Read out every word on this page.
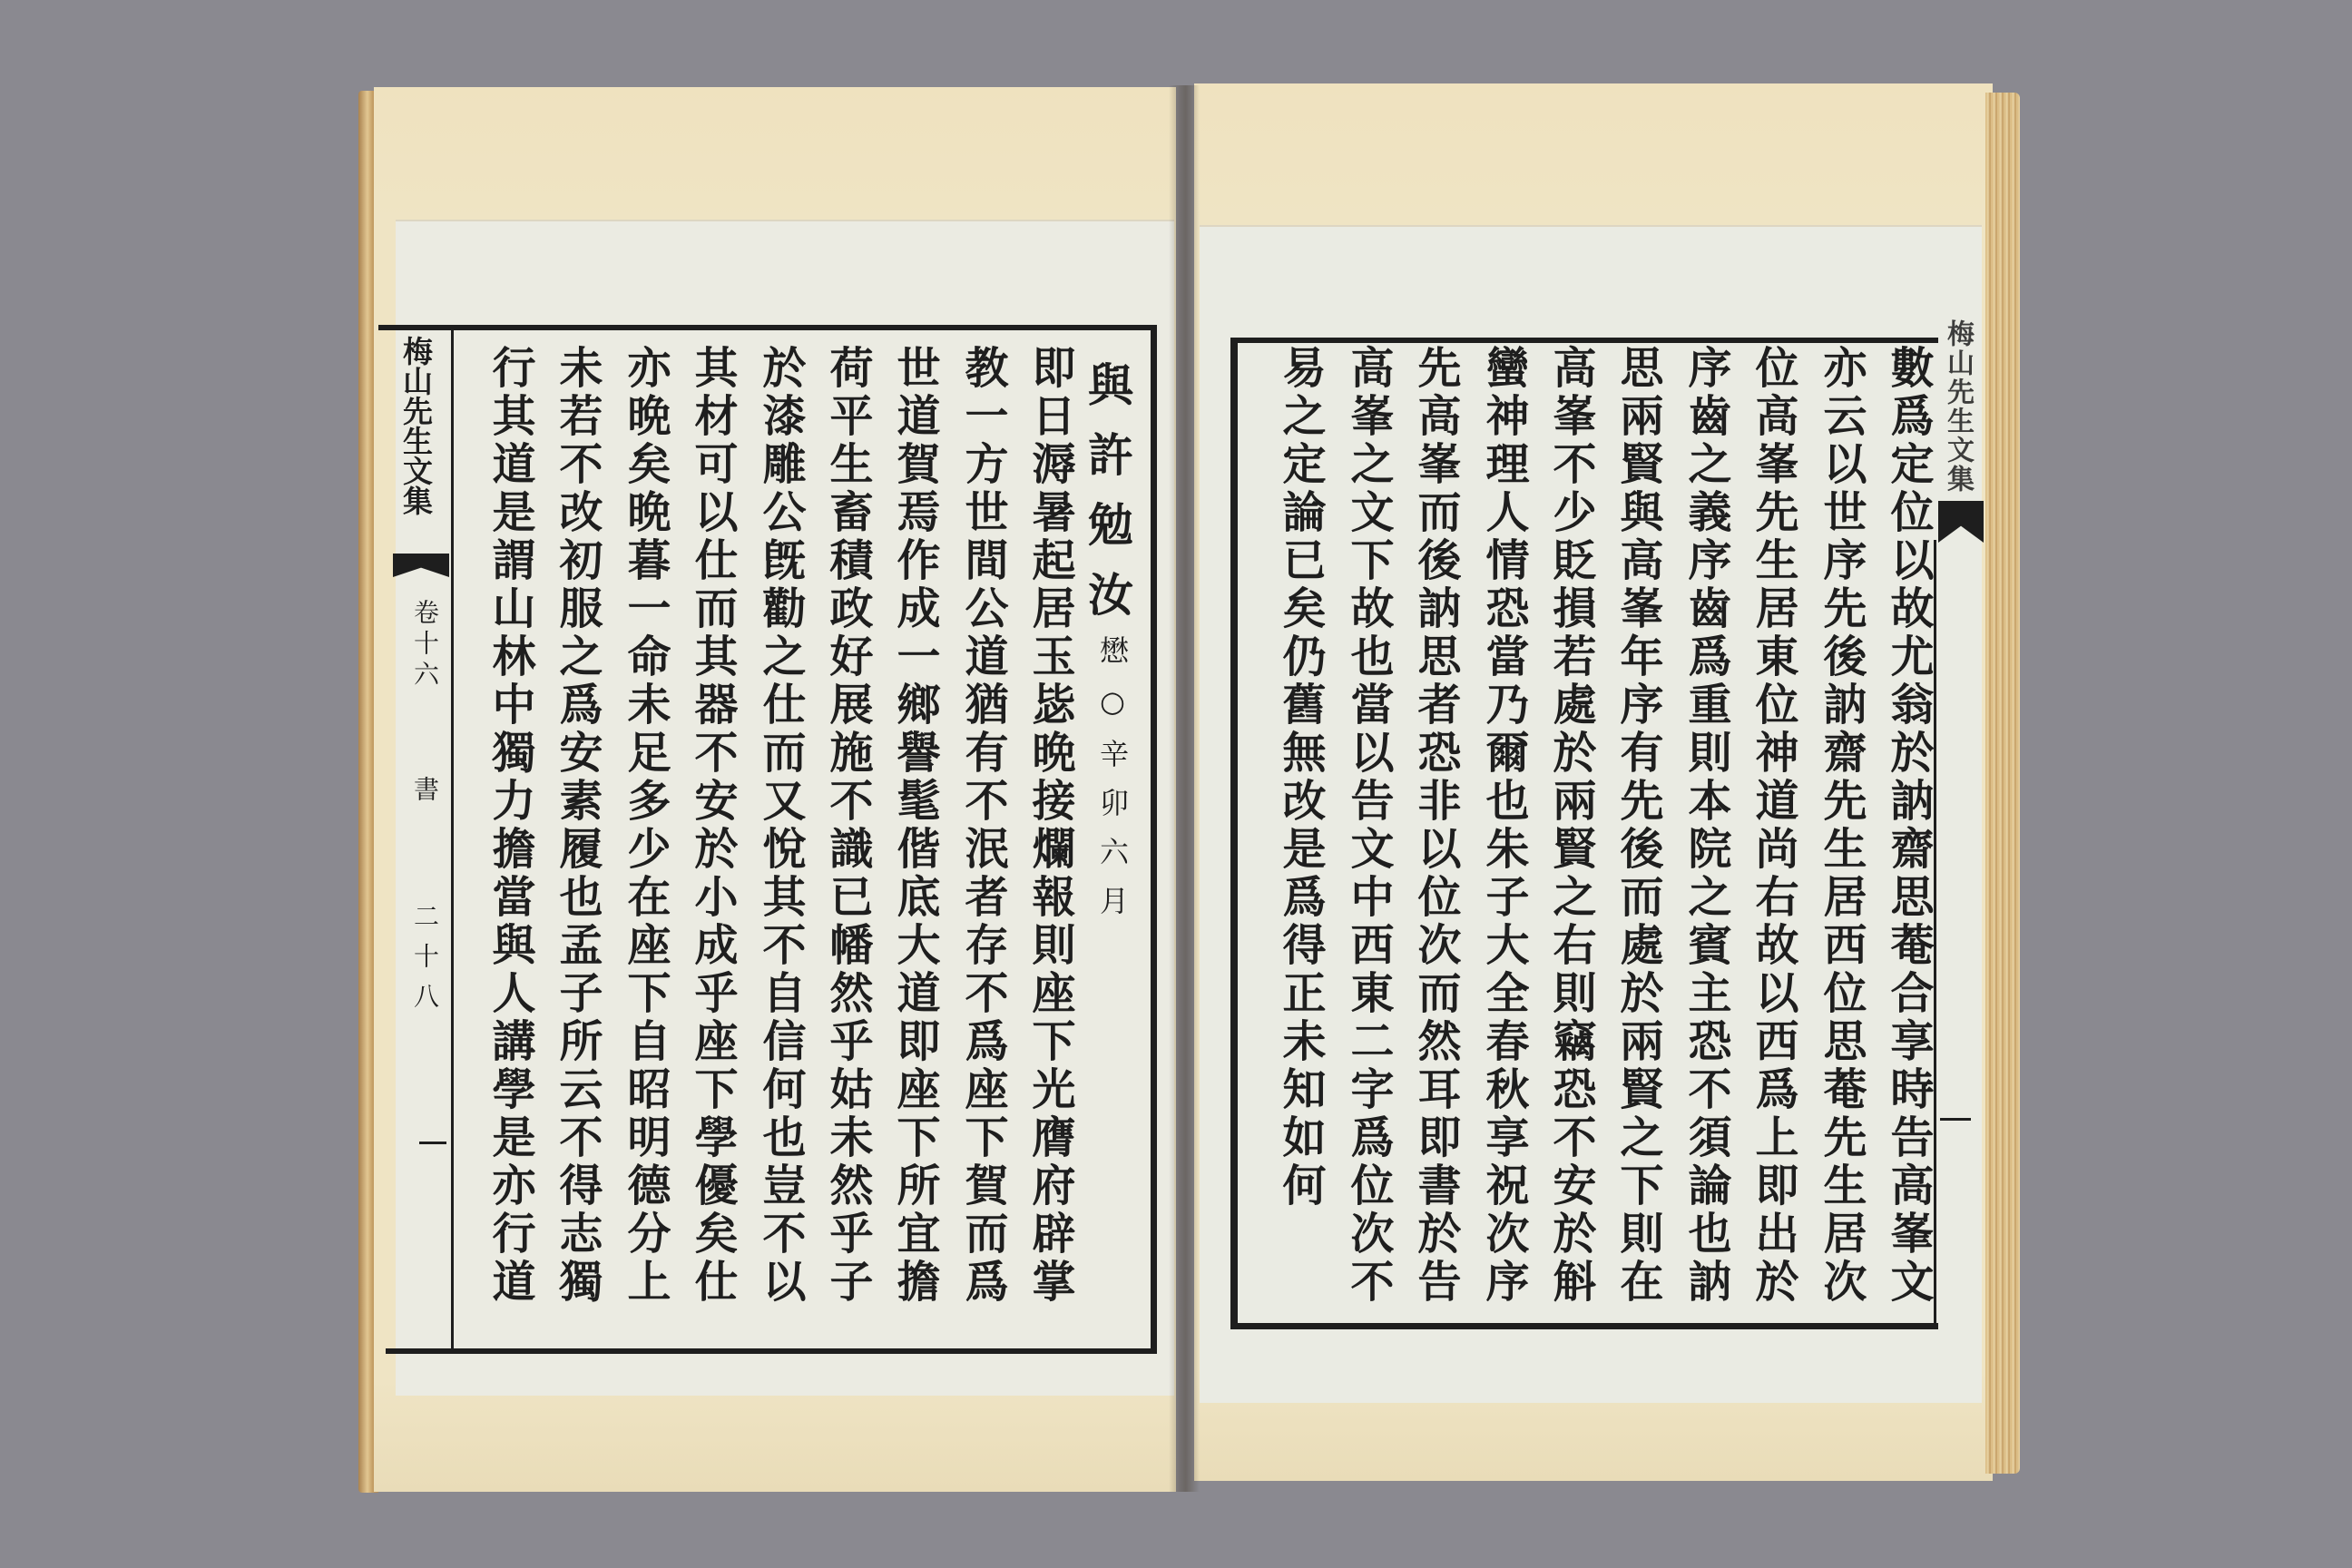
梅山先生文集
卷十六
書
二十八
與許勉汝
懋○辛卯六月
即日溽暑起居玉毖晩接爛報則座下光膺府辟掌
教一方世間公道猶有不泯者存不爲座下賀而爲
世道賀焉作成一鄉譽髦偕底大道即座下所宜擔
荷平生畜積政好展施不識已幡然乎姑未然乎子
於漆雕公旣勸之仕而又悅其不自信何也豈不以
其材可以仕而其器不安於小成乎座下學優矣仕
亦晩矣晩暮一命未足多少在座下自昭明德分上
未若不改初服之爲安素履也孟子所云不得志獨
行其道是謂山林中獨力擔當與人講學是亦行道	梅山先生文集
數爲定位以故尤翁於訥齋思菴合享時告高峯文
亦云以世序先後訥齋先生居西位思菴先生居次
位高峯先生居東位神道尚右故以西爲上即出於
序齒之義序齒爲重則本院之賓主恐不須論也訥
思兩賢與高峯年序有先後而處於兩賢之下則在
高峯不少貶損若處於兩賢之右則竊恐不安於斛
蠻神理人情恐當乃爾也朱子大全春秋享祝次序
先高峯而後訥思者恐非以位次而然耳即書於告
高峯之文下故也當以告文中西東二字爲位次不
易之定論已矣仍舊無改是爲得正未知如何
